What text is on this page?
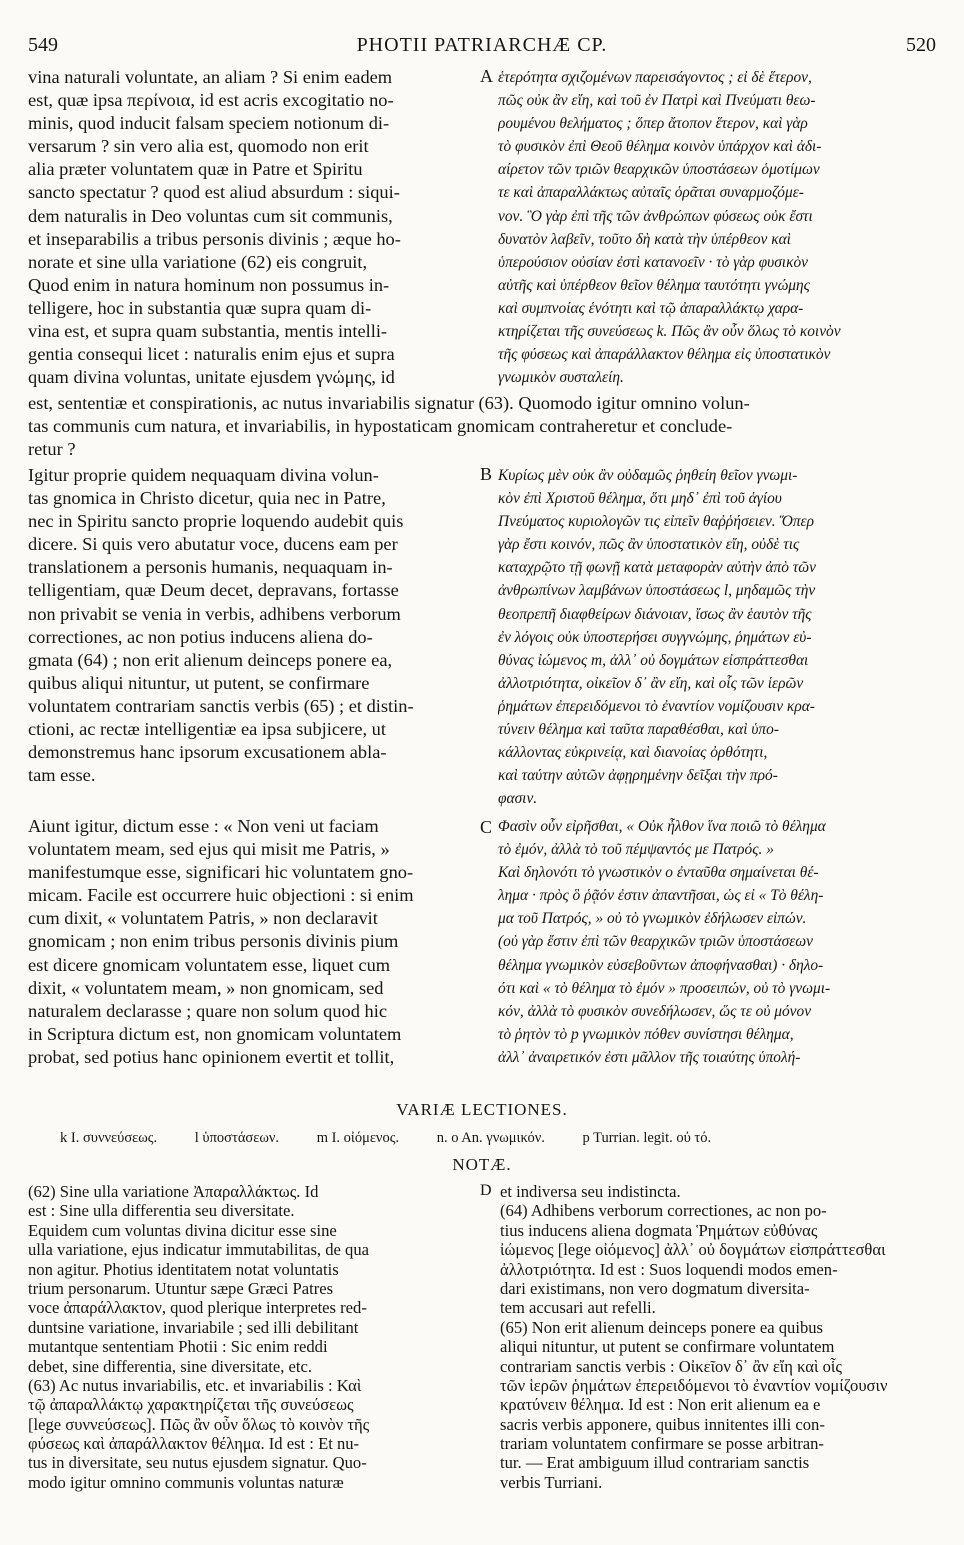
549	PHOTII PATRIARCHÆ CP.	520
vina naturali voluntate, an aliam ? Si enim eadem
est, quæ ipsa περίνοια, id est acris excogitatio no-
minis, quod inducit falsam speciem notionum di-
versarum ? sin vero alia est, quomodo non erit
alia præter voluntatem quæ in Patre et Spiritu
sancto spectatur ? quod est aliud absurdum : siqui-
dem naturalis in Deo voluntas cum sit communis,
et inseparabilis a tribus personis divinis ; æque ho-
norate et sine ulla variatione (62) eis congruit,
Quod enim in natura hominum non possumus in-
telligere, hoc in substantia quæ supra quam di-
vina est, et supra quam substantia, mentis intelli-
gentia consequi licet : naturalis enim ejus et supra
quam divina voluntas, unitate ejusdem γνώμης, id
A ἑτερότητα σχιζομένων παρεισάγοντος ; εἰ δὲ ἕτερον,
πῶς οὐκ ἂν εἴη, καὶ τοῦ ἐν Πατρὶ καὶ Πνεύματι θεω-
ρουμένου θελήματος ; ὅπερ ἄτοπον ἕτερον, καὶ γὰρ
τὸ φυσικὸν ἐπὶ Θεοῦ θέλημα κοινὸν ὑπάρχον καὶ ἀδι-
αίρετον τῶν τριῶν θεαρχικῶν ὑποστάσεων ὁμοτίμων
τε καὶ ἀπαραλλάκτως αὐταῖς ὁρᾶται συναρμοζόμε-
νον. Ὃ γὰρ ἐπὶ τῆς τῶν ἀνθρώπων φύσεως οὐκ ἔστι
δυνατὸν λαβεῖν, τοῦτο δὴ κατὰ τὴν ὑπέρθεον καὶ
ὑπερούσιον οὐσίαν ἐστὶ κατανοεῖν · τὸ γὰρ φυσικὸν
αὐτῆς καὶ ὑπέρθεον θεῖον θέλημα ταυτότητι γνώμης
καὶ συμπνοίας ἑνότητι καὶ τῷ ἀπαραλλάκτῳ χαρα-
κτηρίζεται τῆς συνεύσεως k. Πῶς ἂν οὖν ὅλως τὸ κοινὸν
τῆς φύσεως καὶ ἀπαράλλακτον θέλημα εἰς ὑποστατικὸν
γνωμικὸν συσταλείη.
est, sententiæ et conspirationis, ac nutus invariabilis signatur (63). Quomodo igitur omnino volun-
tas communis cum natura, et invariabilis, in hypostaticam gnomicam contraheretur et conclude-
retur ?
Igitur proprie quidem nequaquam divina volun-
tas gnomica in Christo dicetur, quia nec in Patre,
nec in Spiritu sancto proprie loquendo audebit quis
dicere. Si quis vero abutatur voce, ducens eam per
translationem a personis humanis, nequaquam in-
telligentiam, quæ Deum decet, depravans, fortasse
non privabit se venia in verbis, adhibens verborum
correctiones, ac non potius inducens aliena do-
gmata (64) ; non erit alienum deinceps ponere ea,
quibus aliqui nituntur, ut putent, se confirmare
voluntatem contrariam sanctis verbis (65) ; et distin-
ctioni, ac rectæ intelligentiæ ea ipsa subjicere, ut
demonstremus hanc ipsorum excusationem abla-
tam esse.
B Κυρίως μὲν οὐκ ἂν οὐδαμῶς ῥηθείη θεῖον γνωμι-
κὸν ἐπὶ Χριστοῦ θέλημα, ὅτι μηδ᾽ ἐπὶ τοῦ ἁγίου
Πνεύματος κυριολογῶν τις εἰπεῖν θαῤῥήσειεν. Ὅπερ
γὰρ ἔστι κοινόν, πῶς ἂν ὑποστατικὸν εἴη, οὐδὲ τις
καταχρῷτο τῇ φωνῇ κατὰ μεταφορὰν αὐτὴν ἀπὸ τῶν
ἀνθρωπίνων λαμβάνων ὑποστάσεως l, μηδαμῶς τὴν
θεοπρεπῆ διαφθείρων διάνοιαν, ἴσως ἂν ἑαυτὸν τῆς
ἐν λόγοις οὐκ ὑποστερήσει συγγνώμης, ῥημάτων εὐ-
θύνας ἰώμενος m, ἀλλ᾽ οὐ δογμάτων εἰσπράττεσθαι
ἀλλοτριότητα, οἰκεῖον δ᾽ ἂν εἴη, καὶ οἷς τῶν ἱερῶν
ῥημάτων ἐπερειδόμενοι τὸ ἐναντίον νομίζουσιν κρα-
τύνειν θέλημα καὶ ταῦτα παραθέσθαι, καὶ ὑπο-
κάλλοντας εὐκρινείᾳ, καὶ διανοίας ὀρθότητι,
καὶ ταύτην αὐτῶν ἀφῃρημένην δεῖξαι τὴν πρό-
φασιν.
Aiunt igitur, dictum esse : « Non veni ut faciam
voluntatem meam, sed ejus qui misit me Patris, »
manifestumque esse, significari hic voluntatem gno-
micam. Facile est occurrere huic objectioni : si enim
cum dixit, « voluntatem Patris, » non declaravit
gnomicam ; non enim tribus personis divinis pium
est dicere gnomicam voluntatem esse, liquet cum
dixit, « voluntatem meam, » non gnomicam, sed
naturalem declarasse ; quare non solum quod hic
in Scriptura dictum est, non gnomicam voluntatem
probat, sed potius hanc opinionem evertit et tollit,
C Φασὶν οὖν εἰρῆσθαι, « Οὐκ ἦλθον ἵνα ποιῶ τὸ θέλημα
τὸ ἐμόν, ἀλλὰ τὸ τοῦ πέμψαντός με Πατρός. »
Καὶ δηλονότι τὸ γνωστικὸν ο ἐνταῦθα σημαίνεται θέ-
λημα · πρὸς ὃ ῥᾷόν ἐστιν ἀπαντῆσαι, ὡς εἰ « Τὸ θέλη-
μα τοῦ Πατρός, » οὐ τὸ γνωμικὸν ἐδήλωσεν εἰπών.
(οὐ γὰρ ἔστιν ἐπὶ τῶν θεαρχικῶν τριῶν ὑποστάσεων
θέλημα γνωμικὸν εὐσεβοῦντων ἀποφήνασθαι) · δηλο-
ότι καὶ « τὸ θέλημα τὸ ἐμόν » προσειπών, οὐ τὸ γνωμι-
κόν, ἀλλὰ τὸ φυσικὸν συνεδήλωσεν, ὥς τε οὐ μόνον
τὸ ῥητὸν τὸ p γνωμικὸν πόθεν συνίστησι θέλημα,
ἀλλ᾽ ἀναιρετικόν ἐστι μᾶλλον τῆς τοιαύτης ὑπολή-
VARIÆ LECTIONES.
k I. συννεύσεως.	l ὑποστάσεων.	m I. οἰόμενος.	n. o An. γνωμικόν.	p Turrian. legit. οὐ τό.
NOTÆ.
D
(62) Sine ulla variatione Ἀπαραλλάκτως. Id
est : Sine ulla differentia seu diversitate.
Equidem cum voluntas divina dicitur esse sine
ulla variatione, ejus indicatur immutabilitas, de qua
non agitur. Photius identitatem notat voluntatis
trium personarum. Utuntur sæpe Græci Patres
voce ἀπαράλλακτον, quod plerique interpretes red-
duntsine variatione, invariabile ; sed illi debilitant
mutantque sententiam Photii : Sic enim reddi
debet, sine differentia, sine diversitate, etc.
(63) Ac nutus invariabilis, etc. et invariabilis : Καὶ
τῷ ἀπαραλλάκτῳ χαρακτηρίζεται τῆς συνεύσεως
[lege συννεύσεως]. Πῶς ἂν οὖν ὅλως τὸ κοινὸν τῆς
φύσεως καὶ ἀπαράλλακτον θέλημα. Id est : Et nu-
tus in diversitate, seu nutus ejusdem signatur. Quo-
modo igitur omnino communis voluntas naturæ
et indiversa seu indistincta.
(64) Adhibens verborum correctiones, ac non po-
tius inducens aliena dogmata Ῥημάτων εὐθύνας
ἰώμενος [lege οἰόμενος] ἀλλ᾽ οὐ δογμάτων εἰσπράττεσθαι
ἀλλοτριότητα. Id est : Suos loquendi modos emen-
dari existimans, non vero dogmatum diversita-
tem accusari aut refelli.
(65) Non erit alienum deinceps ponere ea quibus
aliqui nituntur, ut putent se confirmare voluntatem
contrariam sanctis verbis : Οἰκεῖον δ᾽ ἂν εἴη καὶ οἷς
τῶν ἱερῶν ῥημάτων ἐπερειδόμενοι τὸ ἐναντίον νομίζουσιν
κρατύνειν θέλημα. Id est : Non erit alienum ea e
sacris verbis apponere, quibus innitentes illi con-
trariam voluntatem confirmare se posse arbitran-
tur. — Erat ambiguum illud contrariam sanctis
verbis Turriani.
